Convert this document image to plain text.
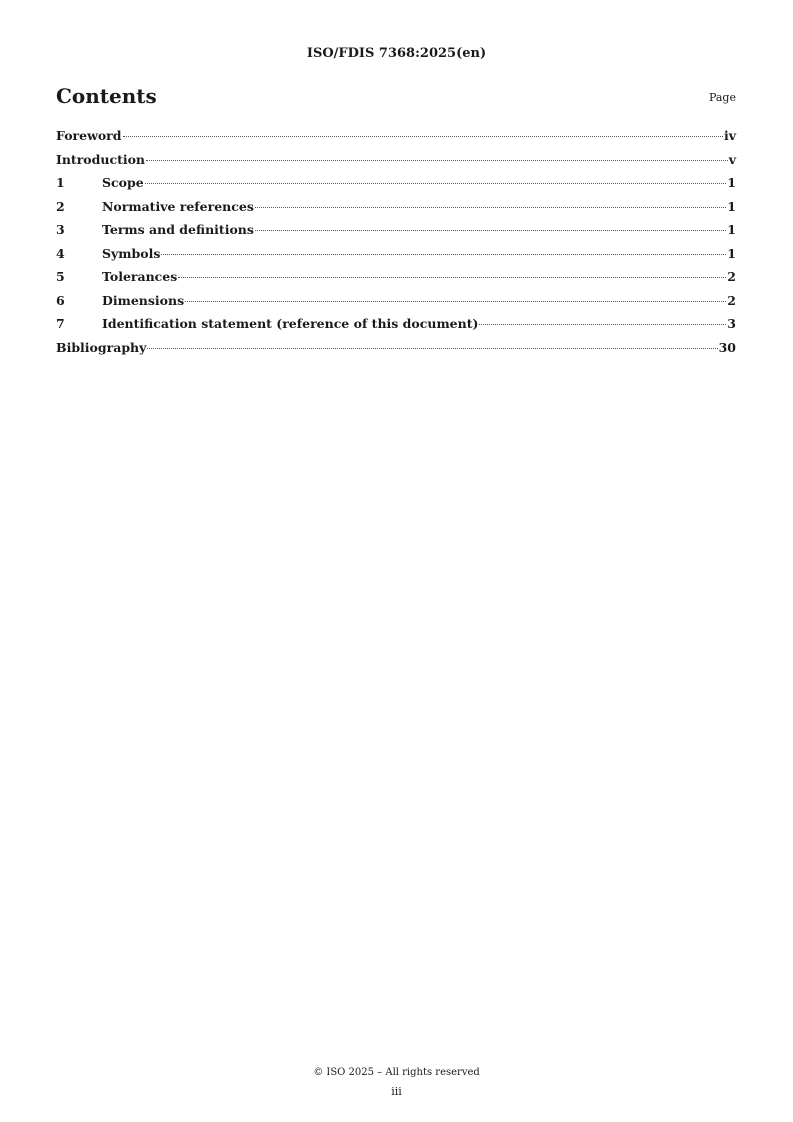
ISO/FDIS 7368:2025(en)
Contents	Page
Foreword	iv
Introduction	v
1	Scope	1
2	Normative references	1
3	Terms and definitions	1
4	Symbols	1
5	Tolerances	2
6	Dimensions	2
7	Identification statement (reference of this document)	3
Bibliography	30
© ISO 2025 – All rights reserved
iii
